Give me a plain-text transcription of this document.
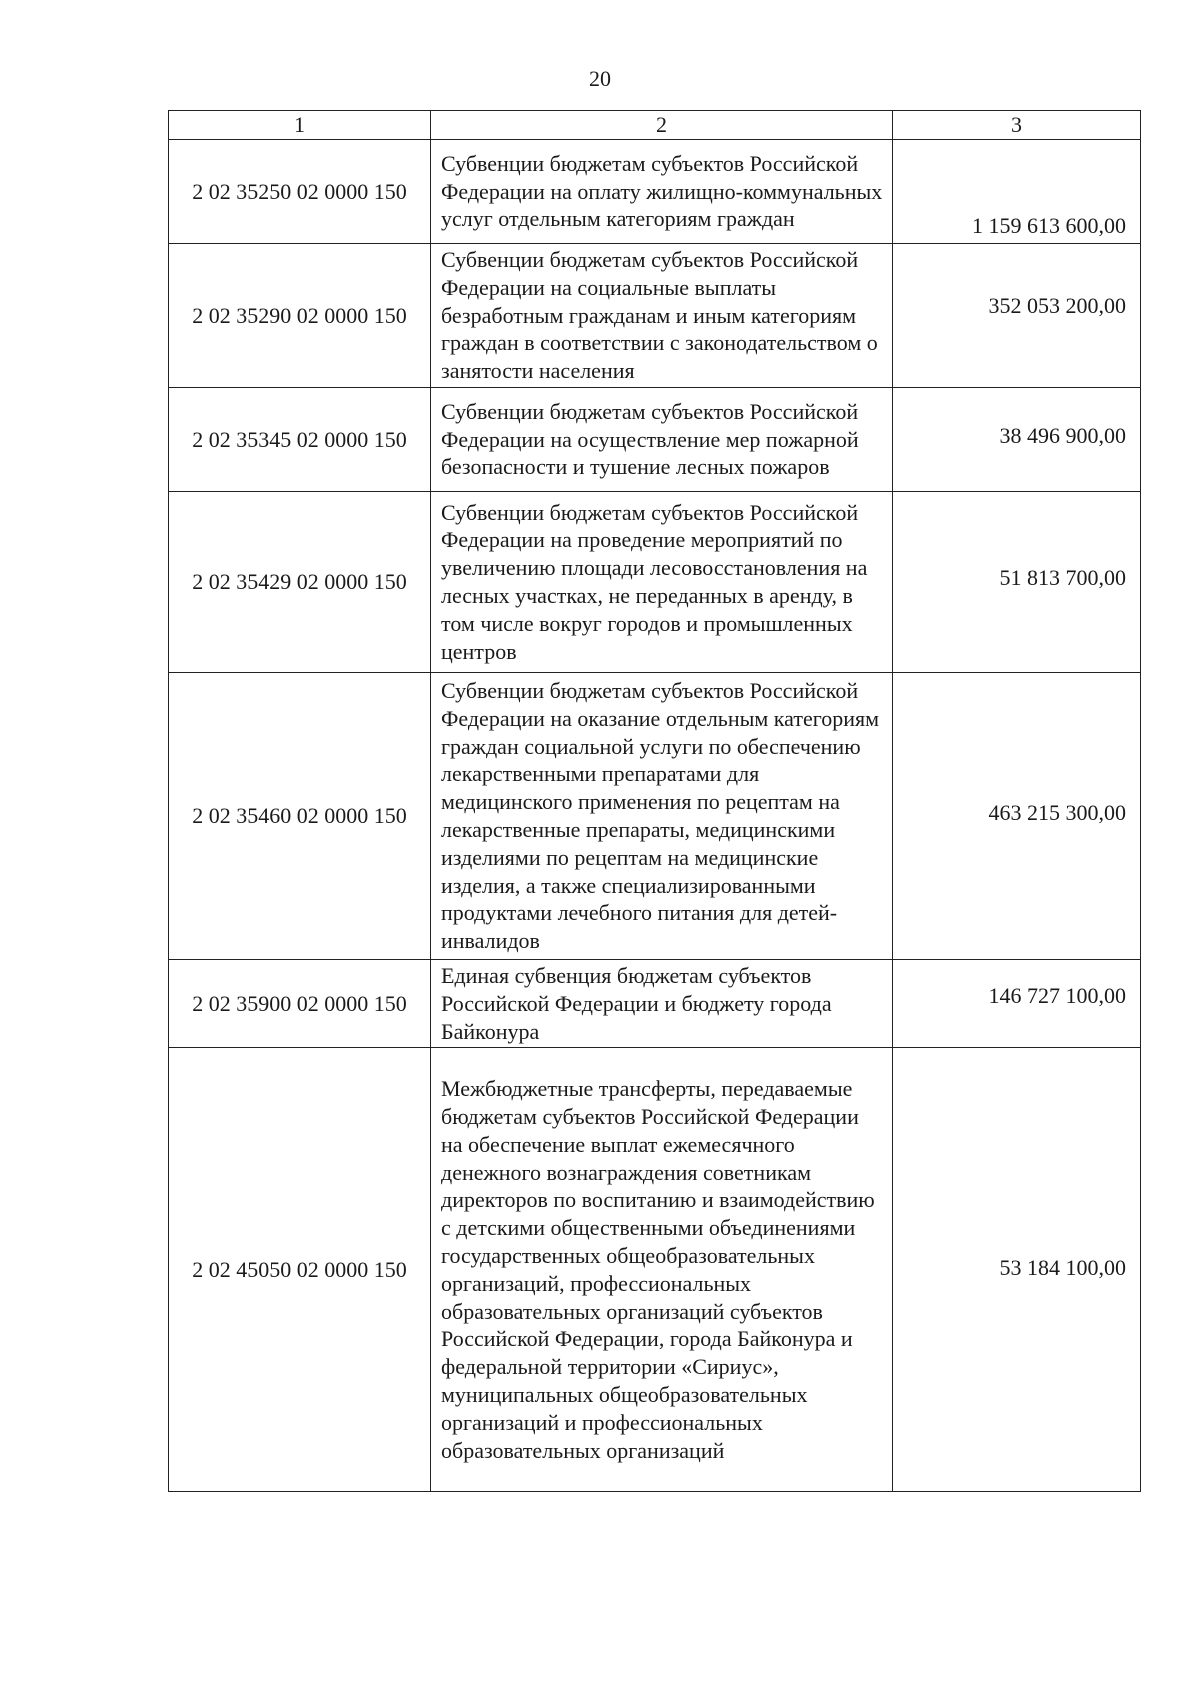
20
1	2	3
2 02 35250 02 0000 150	Субвенции бюджетам субъектов Российской Федерации на оплату жилищно-коммунальных услуг отдельным категориям граждан	1 159 613 600,00

2 02 35290 02 0000 150	Субвенции бюджетам субъектов Российской Федерации на социальные выплаты безработным гражданам и иным категориям граждан в соответствии с законодательством о занятости населения	352 053 200,00

2 02 35345 02 0000 150	Субвенции бюджетам субъектов Российской Федерации на осуществление мер пожарной безопасности и тушение лесных пожаров	38 496 900,00

2 02 35429 02 0000 150	Субвенции бюджетам субъектов Российской Федерации на проведение мероприятий по увеличению площади лесовосстановления на лесных участках, не переданных в аренду, в том числе вокруг городов и промышленных центров	51 813 700,00

2 02 35460 02 0000 150	Субвенции бюджетам субъектов Российской Федерации на оказание отдельным категориям граждан социальной услуги по обеспечению лекарственными препаратами для медицинского применения по рецептам на лекарственные препараты, медицинскими изделиями по рецептам на медицинские изделия, а также специализированными продуктами лечебного питания для детей-инвалидов	463 215 300,00

2 02 35900 02 0000 150	Единая субвенция бюджетам субъектов Российской Федерации и бюджету города Байконура	146 727 100,00

2 02 45050 02 0000 150	Межбюджетные трансферты, передаваемые бюджетам субъектов Российской Федерации на обеспечение выплат ежемесячного денежного вознаграждения советникам директоров по воспитанию и взаимодействию с детскими общественными объединениями государственных общеобразовательных организаций, профессиональных образовательных организаций субъектов Российской Федерации, города Байконура и федеральной территории «Сириус», муниципальных общеобразовательных организаций и профессиональных образовательных организаций	53 184 100,00
